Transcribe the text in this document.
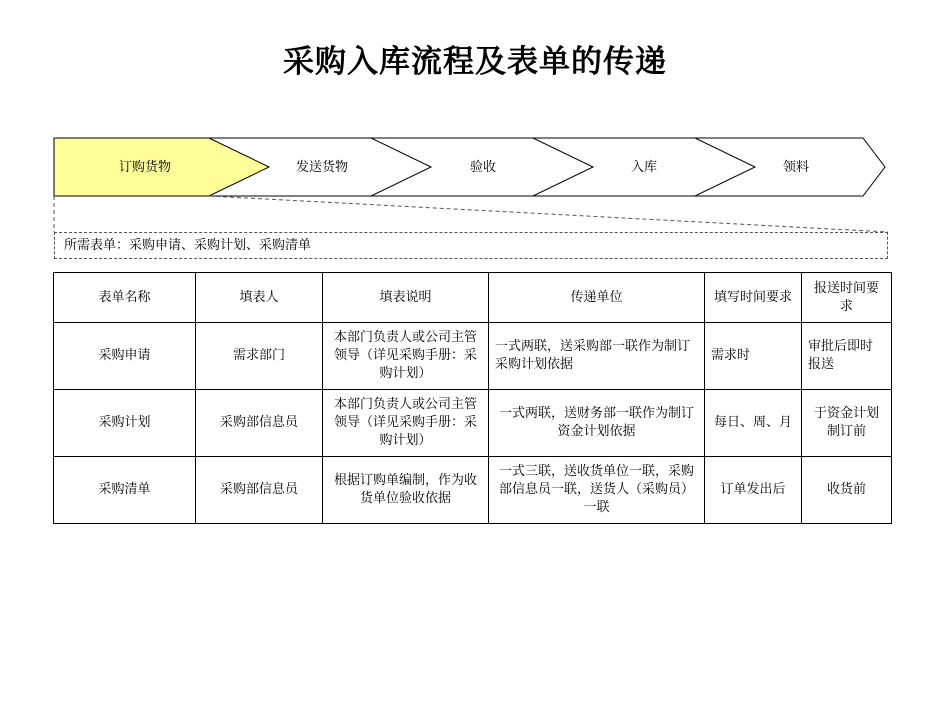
采购入库流程及表单的传递
订购货物	发送货物	验收	入库	领料
所需表单：采购申请、采购计划、采购清单
表单名称	填表人	填表说明	传递单位	填写时间要求	报送时间要求
采购申请	需求部门	本部门负责人或公司主管领导（详见采购手册：采购计划）	一式两联，送采购部一联作为制订采购计划依据	需求时	审批后即时报送
采购计划	采购部信息员	本部门负责人或公司主管领导（详见采购手册：采购计划）	一式两联，送财务部一联作为制订资金计划依据	每日、周、月	于资金计划制订前
采购清单	采购部信息员	根据订购单编制，作为收货单位验收依据	一式三联，送收货单位一联，采购部信息员一联，送货人（采购员）一联	订单发出后	收货前
